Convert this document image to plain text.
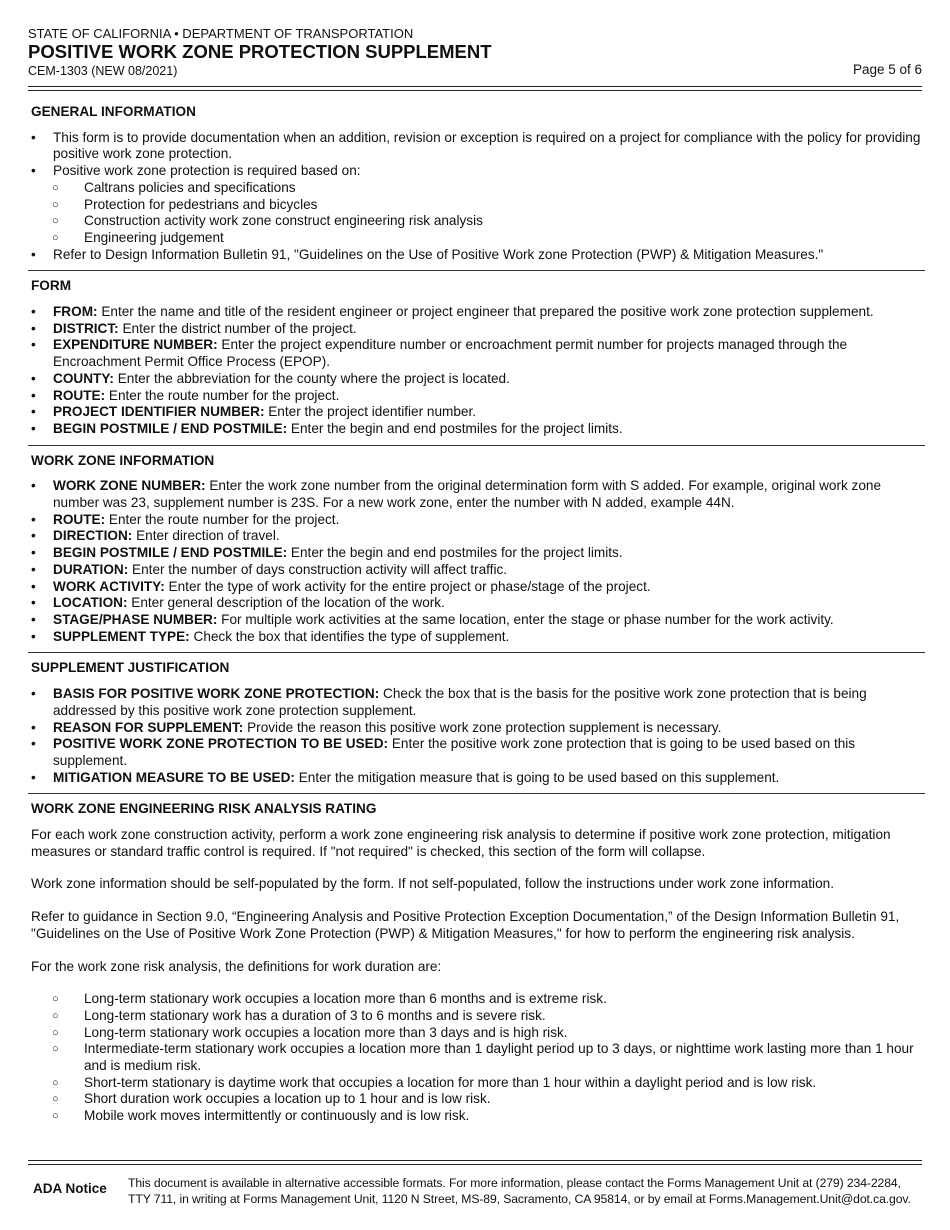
STATE OF CALIFORNIA • DEPARTMENT OF TRANSPORTATION
POSITIVE WORK ZONE PROTECTION SUPPLEMENT
CEM-1303 (NEW 08/2021)	Page 5 of 6
GENERAL INFORMATION
• This form is to provide documentation when an addition, revision or exception is required on a project for compliance with the policy for providing positive work zone protection.
• Positive work zone protection is required based on:
○ Caltrans policies and specifications
○ Protection for pedestrians and bicycles
○ Construction activity work zone construct engineering risk analysis
○ Engineering judgement
• Refer to Design Information Bulletin 91, "Guidelines on the Use of Positive Work zone Protection (PWP) & Mitigation Measures."
FORM
• FROM: Enter the name and title of the resident engineer or project engineer that prepared the positive work zone protection supplement.
• DISTRICT: Enter the district number of the project.
• EXPENDITURE NUMBER: Enter the project expenditure number or encroachment permit number for projects managed through the Encroachment Permit Office Process (EPOP).
• COUNTY: Enter the abbreviation for the county where the project is located.
• ROUTE: Enter the route number for the project.
• PROJECT IDENTIFIER NUMBER: Enter the project identifier number.
• BEGIN POSTMILE / END POSTMILE: Enter the begin and end postmiles for the project limits.
WORK ZONE INFORMATION
• WORK ZONE NUMBER: Enter the work zone number from the original determination form with S added. For example, original work zone number was 23, supplement number is 23S. For a new work zone, enter the number with N added, example 44N.
• ROUTE: Enter the route number for the project.
• DIRECTION: Enter direction of travel.
• BEGIN POSTMILE / END POSTMILE: Enter the begin and end postmiles for the project limits.
• DURATION: Enter the number of days construction activity will affect traffic.
• WORK ACTIVITY: Enter the type of work activity for the entire project or phase/stage of the project.
• LOCATION: Enter general description of the location of the work.
• STAGE/PHASE NUMBER: For multiple work activities at the same location, enter the stage or phase number for the work activity.
• SUPPLEMENT TYPE: Check the box that identifies the type of supplement.
SUPPLEMENT JUSTIFICATION
• BASIS FOR POSITIVE WORK ZONE PROTECTION: Check the box that is the basis for the positive work zone protection that is being addressed by this positive work zone protection supplement.
• REASON FOR SUPPLEMENT: Provide the reason this positive work zone protection supplement is necessary.
• POSITIVE WORK ZONE PROTECTION TO BE USED: Enter the positive work zone protection that is going to be used based on this supplement.
• MITIGATION MEASURE TO BE USED: Enter the mitigation measure that is going to be used based on this supplement.
WORK ZONE ENGINEERING RISK ANALYSIS RATING

For each work zone construction activity, perform a work zone engineering risk analysis to determine if positive work zone protection, mitigation measures or standard traffic control is required. If "not required" is checked, this section of the form will collapse.

Work zone information should be self-populated by the form. If not self-populated, follow the instructions under work zone information.

Refer to guidance in Section 9.0, “Engineering Analysis and Positive Protection Exception Documentation,” of the Design Information Bulletin 91, "Guidelines on the Use of Positive Work Zone Protection (PWP) & Mitigation Measures," for how to perform the engineering risk analysis.

For the work zone risk analysis, the definitions for work duration are:

○ Long-term stationary work occupies a location more than 6 months and is extreme risk.
○ Long-term stationary work has a duration of 3 to 6 months and is severe risk.
○ Long-term stationary work occupies a location more than 3 days and is high risk.
○ Intermediate-term stationary work occupies a location more than 1 daylight period up to 3 days, or nighttime work lasting more than 1 hour and is medium risk.
○ Short-term stationary is daytime work that occupies a location for more than 1 hour within a daylight period and is low risk.
○ Short duration work occupies a location up to 1 hour and is low risk.
○ Mobile work moves intermittently or continuously and is low risk.
ADA Notice	This document is available in alternative accessible formats. For more information, please contact the Forms Management Unit at (279) 234-2284,
TTY 711, in writing at Forms Management Unit, 1120 N Street, MS-89, Sacramento, CA 95814, or by email at Forms.Management.Unit@dot.ca.gov.
